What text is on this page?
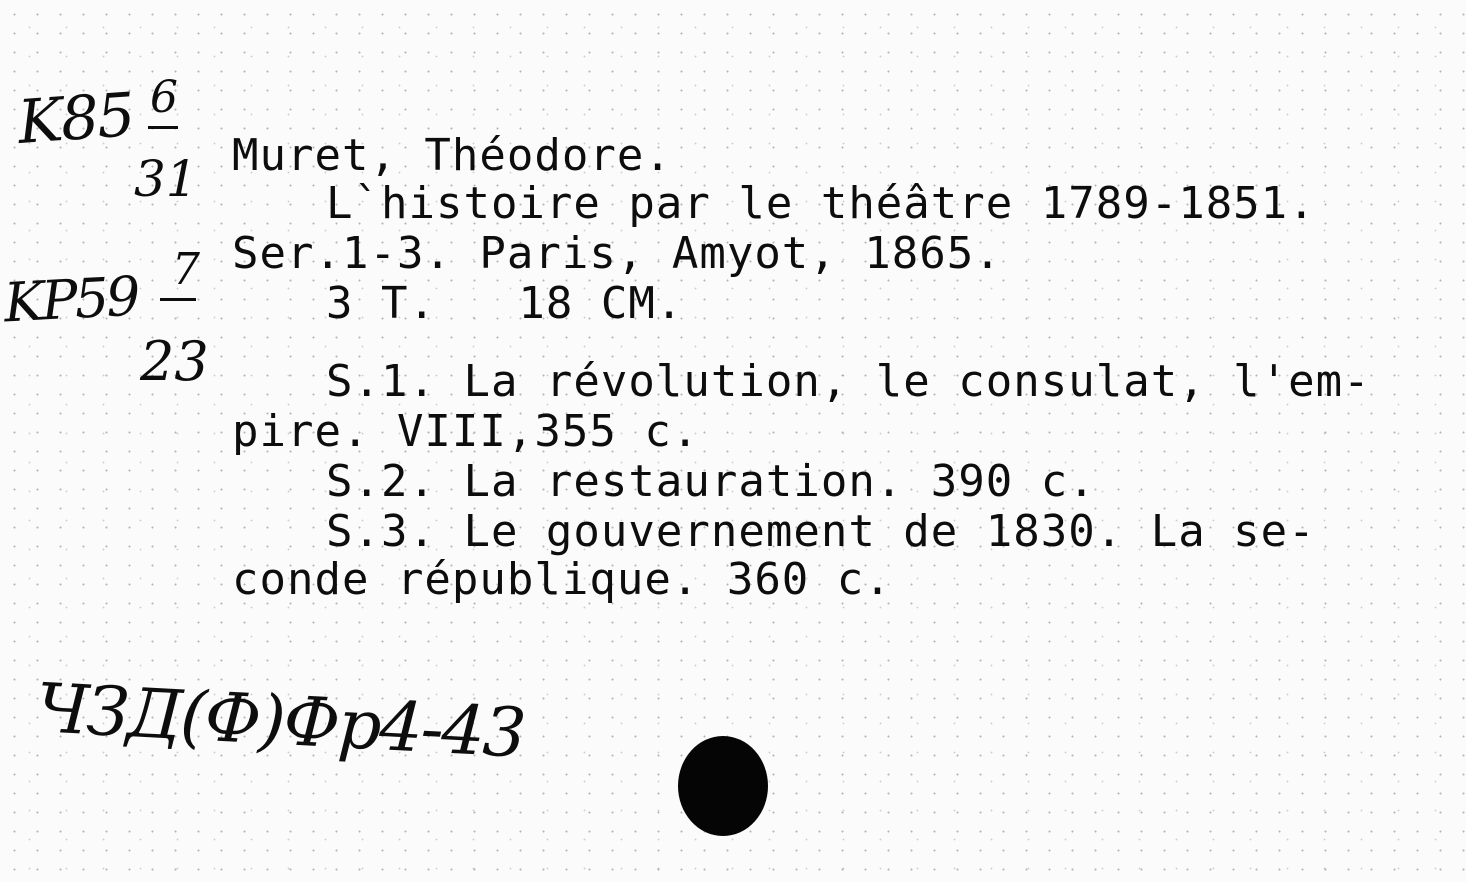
K85 6
31
KP59 7
23
Muret, Théodore.
L`histoire par le théâtre 1789-1851.
Ser.1-3. Paris, Amyot, 1865.
3 T.   18 CM.
S.1. La révolution, le consulat, l'em-
pire. VIII,355 c.
S.2. La restauration. 390 c.
S.3. Le gouvernement de 1830. La se-
conde république. 360 c.
ЧЗД(Ф)Фр4-43
